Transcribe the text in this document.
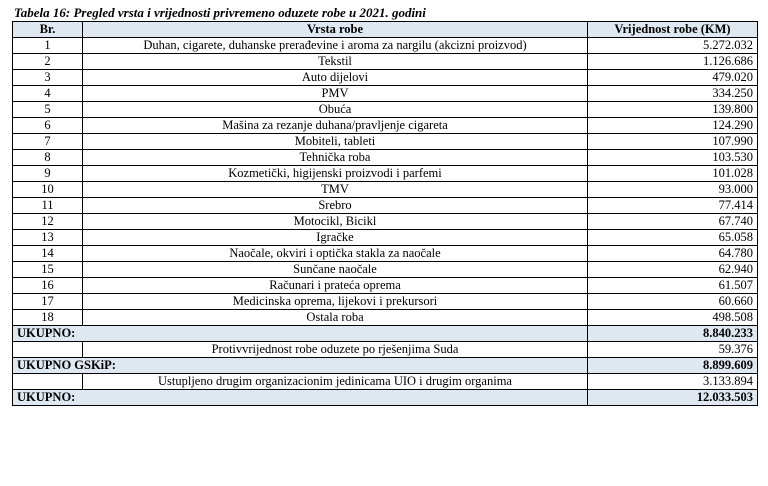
Tabela 16: Pregled vrsta i vrijednosti privremeno oduzete robe u 2021. godini
Br.	Vrsta robe	Vrijednost robe (KM)
1	Duhan, cigarete, duhanske prerađevine i aroma za nargilu (akcizni proizvod)	5.272.032
2	Tekstil	1.126.686
3	Auto dijelovi	479.020
4	PMV	334.250
5	Obuća	139.800
6	Mašina za rezanje duhana/pravljenje cigareta	124.290
7	Mobiteli, tableti	107.990
8	Tehnička roba	103.530
9	Kozmetički, higijenski proizvodi i parfemi	101.028
10	TMV	93.000
11	Srebro	77.414
12	Motocikl, Bicikl	67.740
13	Igračke	65.058
14	Naočale, okviri i optička stakla za naočale	64.780
15	Sunčane naočale	62.940
16	Računari i prateća oprema	61.507
17	Medicinska oprema, lijekovi i prekursori	60.660
18	Ostala roba	498.508
UKUPNO:		8.840.233
	Protivvrijednost robe oduzete po rješenjima Suda	59.376
UKUPNO GSKiP:		8.899.609
	Ustupljeno drugim organizacionim jedinicama UIO i drugim organima	3.133.894
UKUPNO:		12.033.503
